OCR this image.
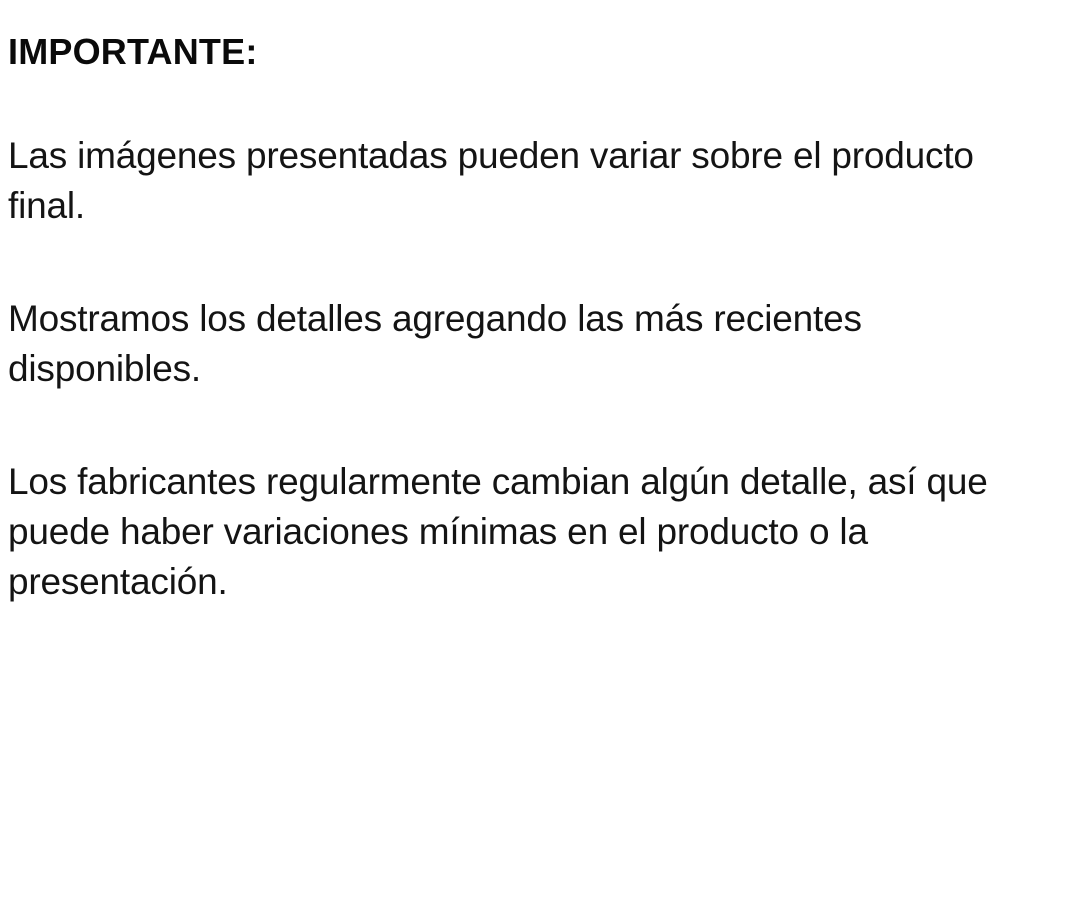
IMPORTANTE:

Las imágenes presentadas pueden variar sobre el producto final.

Mostramos los detalles agregando las más recientes disponibles.

Los fabricantes regularmente cambian algún detalle, así que puede haber variaciones mínimas en el producto o la presentación.
